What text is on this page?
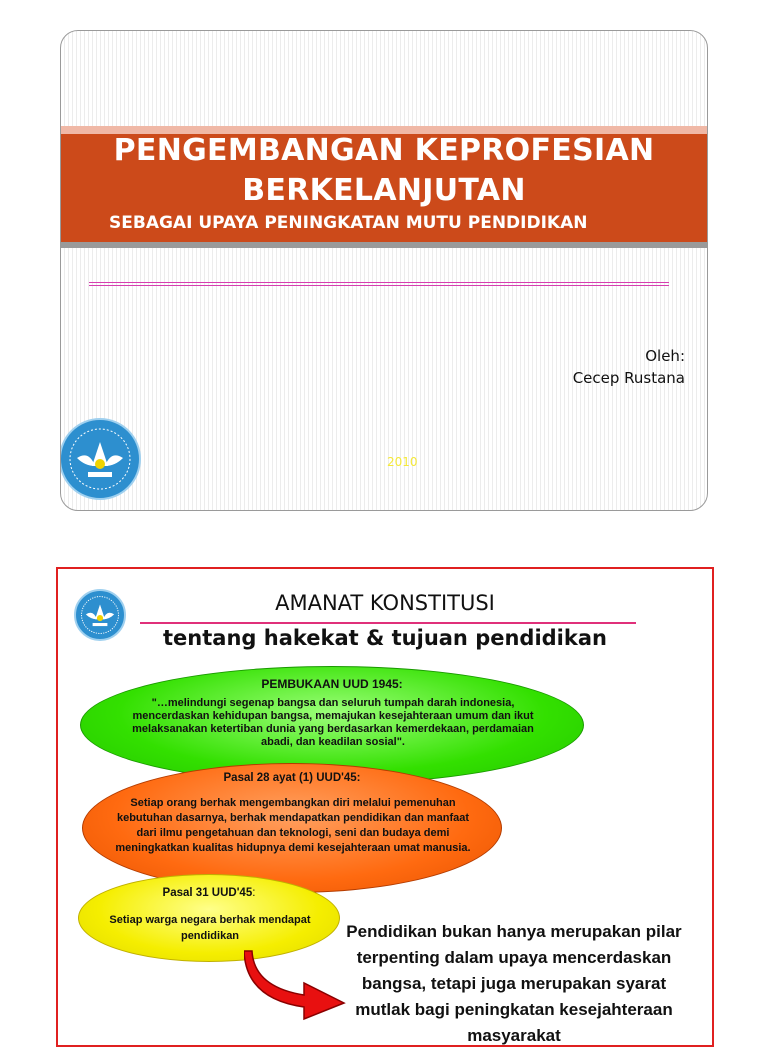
PENGEMBANGAN KEPROFESIAN BERKELANJUTAN
SEBAGAI UPAYA PENINGKATAN MUTU PENDIDIKAN
Oleh:
Cecep Rustana
2010
AMANAT KONSTITUSI
tentang hakekat & tujuan pendidikan
PEMBUKAAN UUD 1945:
"…melindungi segenap bangsa dan seluruh tumpah darah indonesia, mencerdaskan kehidupan bangsa, memajukan kesejahteraan umum dan ikut melaksanakan ketertiban dunia yang berdasarkan kemerdekaan, perdamaian abadi, dan keadilan sosial".
Pasal 28 ayat (1) UUD'45:
Setiap orang berhak mengembangkan diri melalui pemenuhan kebutuhan dasarnya, berhak mendapatkan pendidikan dan manfaat dari ilmu pengetahuan dan teknologi, seni dan budaya demi meningkatkan kualitas hidupnya demi kesejahteraan umat manusia.
Pasal 31 UUD'45:
Setiap warga negara berhak mendapat pendidikan	Pendidikan bukan hanya merupakan pilar terpenting dalam upaya mencerdaskan bangsa, tetapi juga merupakan syarat mutlak bagi peningkatan kesejahteraan masyarakat
